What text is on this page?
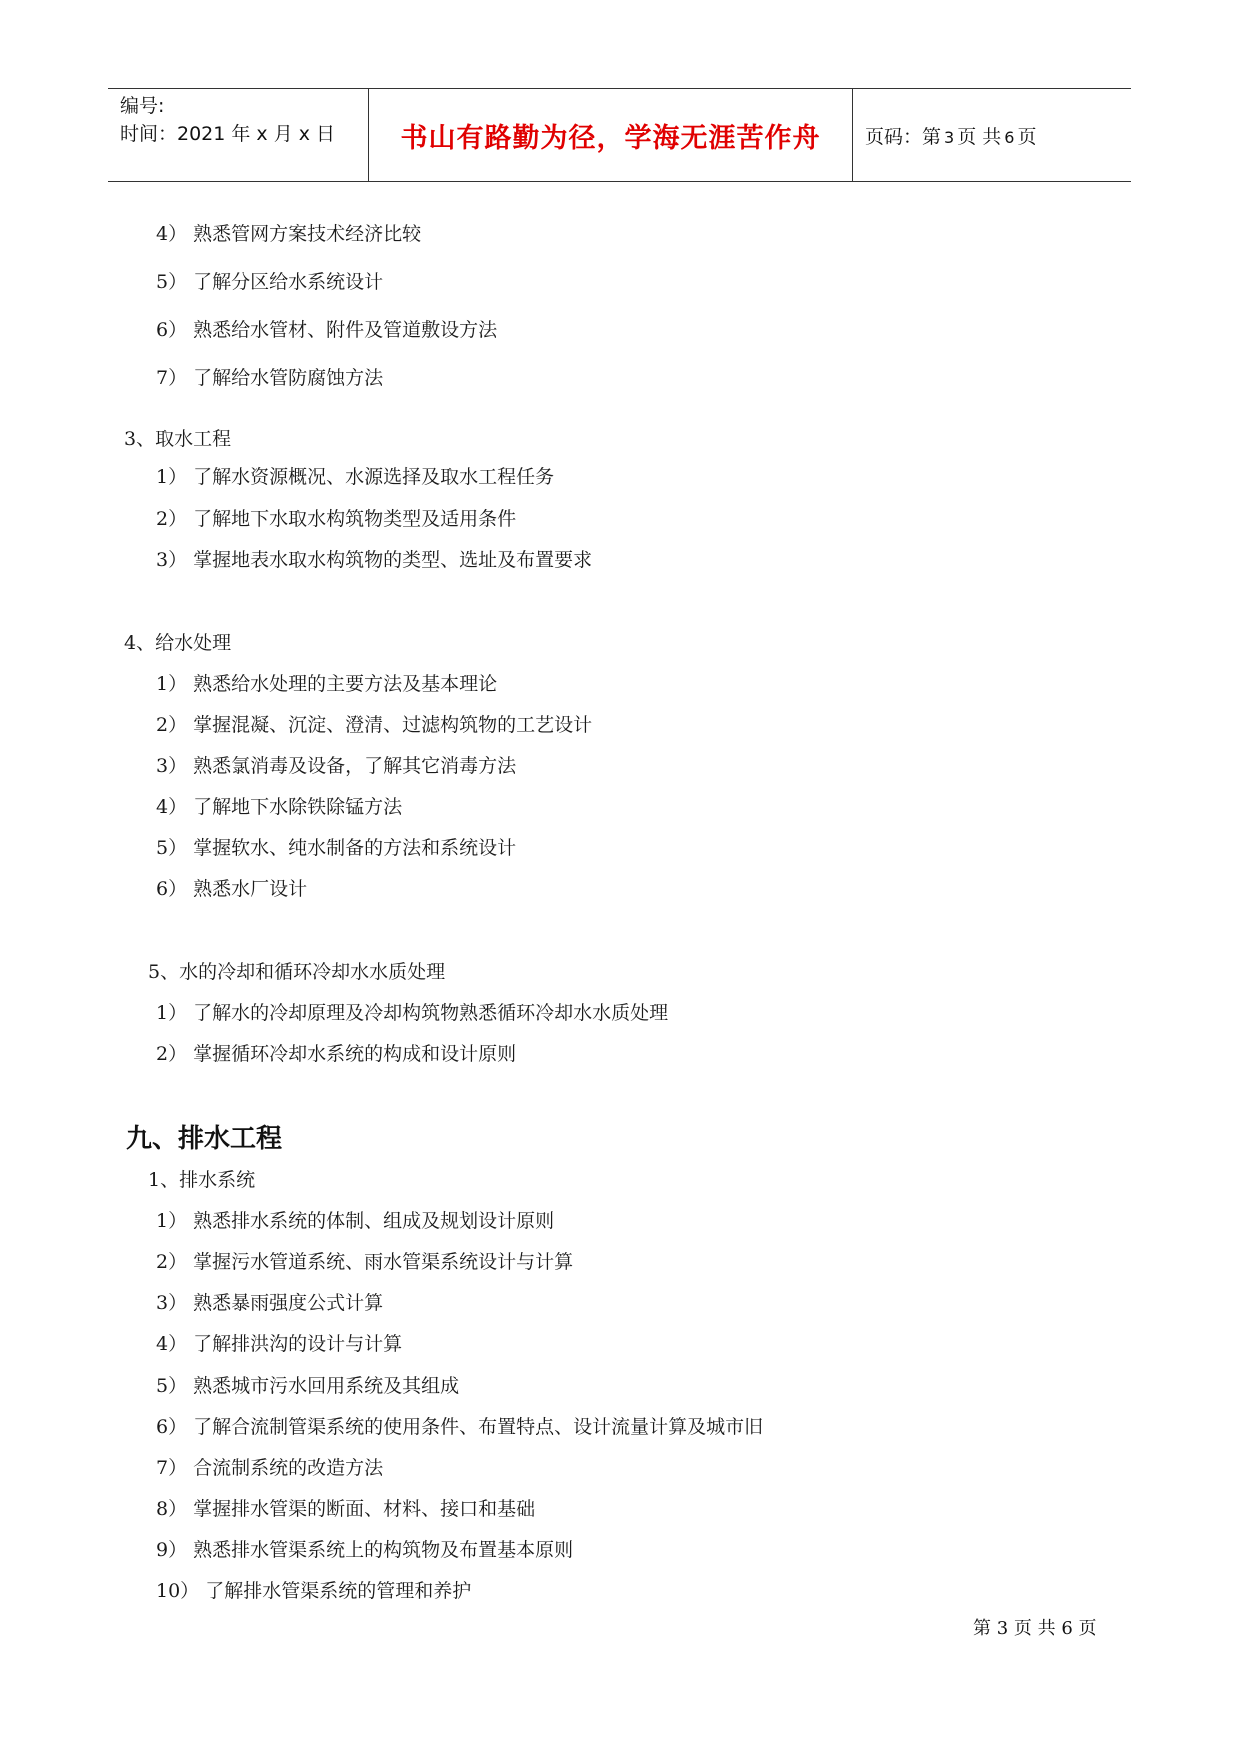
编号:
时间：2021 年 x 月 x 日 书山有路勤为径，学海无涯苦作舟 页码：第 3 页 共 6 页
4） 熟悉管网方案技术经济比较
5） 了解分区给水系统设计
6） 熟悉给水管材、附件及管道敷设方法
7） 了解给水管防腐蚀方法
3、取水工程
1） 了解水资源概况、水源选择及取水工程任务
2） 了解地下水取水构筑物类型及适用条件
3） 掌握地表水取水构筑物的类型、选址及布置要求
4、给水处理
1） 熟悉给水处理的主要方法及基本理论
2） 掌握混凝、沉淀、澄清、过滤构筑物的工艺设计
3） 熟悉氯消毒及设备，了解其它消毒方法
4） 了解地下水除铁除锰方法
5） 掌握软水、纯水制备的方法和系统设计
6） 熟悉水厂设计
5、水的冷却和循环冷却水水质处理
1） 了解水的冷却原理及冷却构筑物熟悉循环冷却水水质处理
2） 掌握循环冷却水系统的构成和设计原则
九、排水工程
1、排水系统
1） 熟悉排水系统的体制、组成及规划设计原则
2） 掌握污水管道系统、雨水管渠系统设计与计算
3） 熟悉暴雨强度公式计算
4） 了解排洪沟的设计与计算
5） 熟悉城市污水回用系统及其组成
6） 了解合流制管渠系统的使用条件、布置特点、设计流量计算及城市旧
7） 合流制系统的改造方法
8） 掌握排水管渠的断面、材料、接口和基础
9） 熟悉排水管渠系统上的构筑物及布置基本原则
10） 了解排水管渠系统的管理和养护
第 3 页 共 6 页
